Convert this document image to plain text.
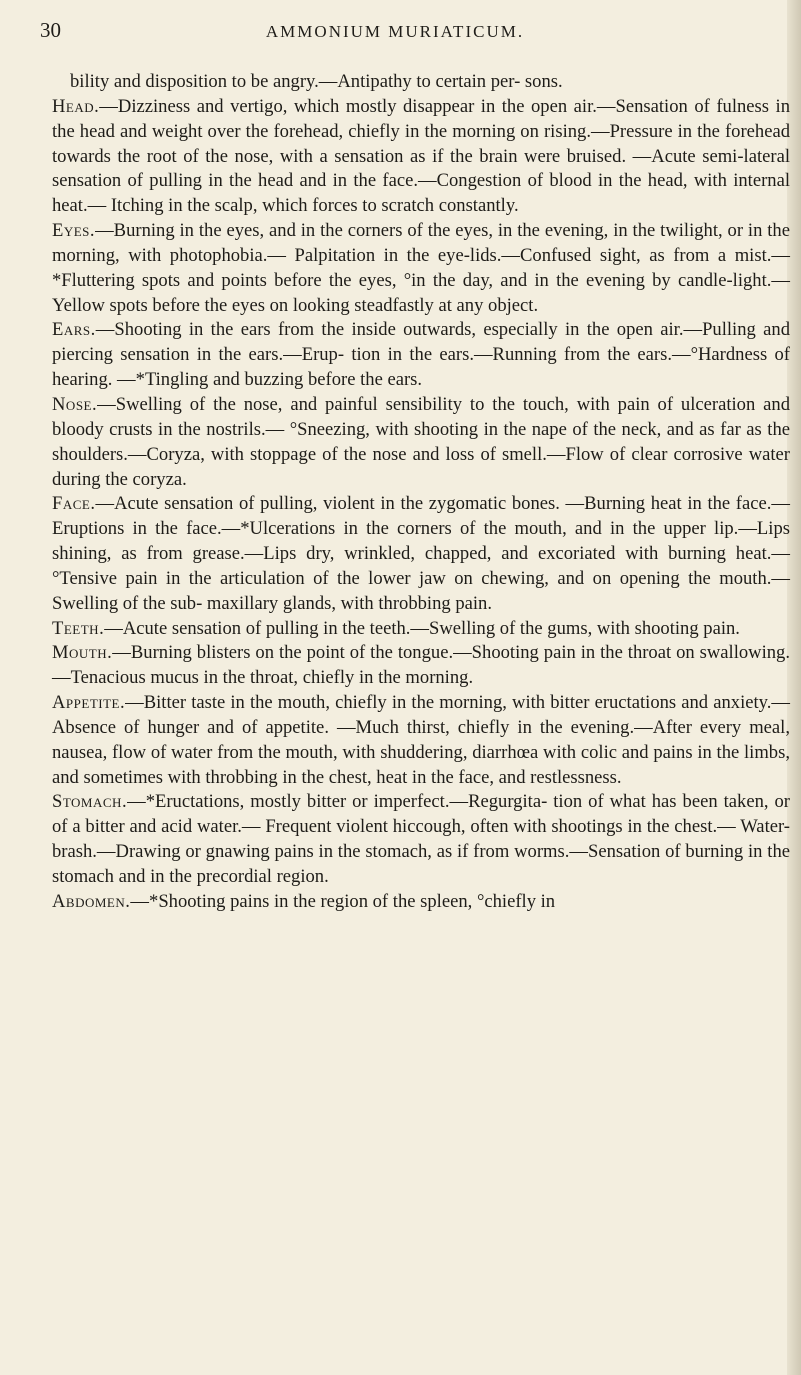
30	AMMONIUM MURIATICUM.

bility and disposition to be angry.—Antipathy to certain per- sons.

Head.—Dizziness and vertigo, which mostly disappear in the open air.—Sensation of fulness in the head and weight over the forehead, chiefly in the morning on rising.—Pressure in the forehead towards the root of the nose, with a sensation as if the brain were bruised. —Acute semi-lateral sensation of pulling in the head and in the face.—Congestion of blood in the head, with internal heat.— Itching in the scalp, which forces to scratch constantly.

Eyes.—Burning in the eyes, and in the corners of the eyes, in the evening, in the twilight, or in the morning, with photophobia.— Palpitation in the eye-lids.—Confused sight, as from a mist.— *Fluttering spots and points before the eyes, °in the day, and in the evening by candle-light.—Yellow spots before the eyes on looking steadfastly at any object.

Ears.—Shooting in the ears from the inside outwards, especially in the open air.—Pulling and piercing sensation in the ears.—Erup- tion in the ears.—Running from the ears.—°Hardness of hearing. —*Tingling and buzzing before the ears.

Nose.—Swelling of the nose, and painful sensibility to the touch, with pain of ulceration and bloody crusts in the nostrils.— °Sneezing, with shooting in the nape of the neck, and as far as the shoulders.—Coryza, with stoppage of the nose and loss of smell.—Flow of clear corrosive water during the coryza.

Face.—Acute sensation of pulling, violent in the zygomatic bones. —Burning heat in the face.—Eruptions in the face.—*Ulcerations in the corners of the mouth, and in the upper lip.—Lips shining, as from grease.—Lips dry, wrinkled, chapped, and excoriated with burning heat.—°Tensive pain in the articulation of the lower jaw on chewing, and on opening the mouth.—Swelling of the sub- maxillary glands, with throbbing pain.

Teeth.—Acute sensation of pulling in the teeth.—Swelling of the gums, with shooting pain.

Mouth.—Burning blisters on the point of the tongue.—Shooting pain in the throat on swallowing.—Tenacious mucus in the throat, chiefly in the morning.

Appetite.—Bitter taste in the mouth, chiefly in the morning, with bitter eructations and anxiety.—Absence of hunger and of appetite. —Much thirst, chiefly in the evening.—After every meal, nausea, flow of water from the mouth, with shuddering, diarrhœa with colic and pains in the limbs, and sometimes with throbbing in the chest, heat in the face, and restlessness.

Stomach.—*Eructations, mostly bitter or imperfect.—Regurgita- tion of what has been taken, or of a bitter and acid water.— Frequent violent hiccough, often with shootings in the chest.— Water-brash.—Drawing or gnawing pains in the stomach, as if from worms.—Sensation of burning in the stomach and in the precordial region.

Abdomen.—*Shooting pains in the region of the spleen, °chiefly in
